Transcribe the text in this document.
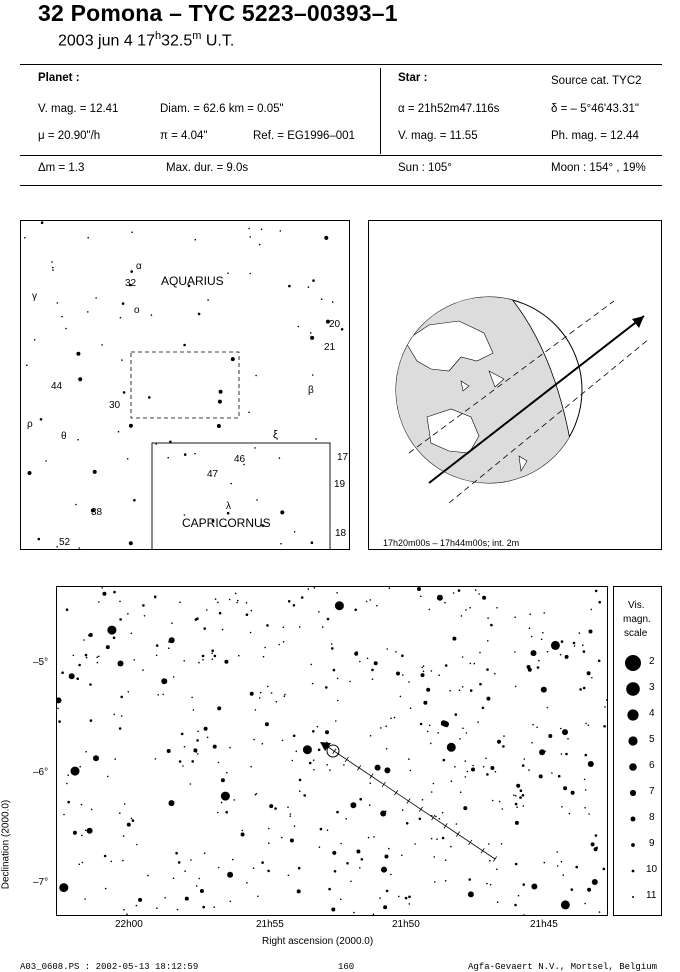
32 Pomona – TYC 5223–00393–1
2003 jun 4 17$^h$32.5$^m$ U.T.
Planet :
V. mag. = 12.41	Diam. = 62.6 km = 0.05"
μ = 20.90"/h	π = 4.04"	Ref. = EG1996–001
Star :	Source cat. TYC2
α = 21h52m47.116s	δ = – 5°46'43.31"
V. mag. = 11.55	Ph. mag. = 12.44
Δm = 1.3	Max. dur. = 9.0s	Sun : 105°	Moon : 154° , 19%
α
32 AQUARIUS
γ
o
20
21
44	β
30
ρ
θ	ξ
46
47
17
19
λ
38
CAPRICORNUS
18
52	17h20m00s – 17h44m00s; int. 2m
Declination (2000.0)
–5°
–6°
–7°
22h00	21h55	21h50	21h45
Right ascension (2000.0)
Vis.
magn.
scale
2
3
4
5
6
7
8
9
10
11
A03_0608.PS : 2002-05-13 18:12:59	160	Agfa-Gevaert N.V., Mortsel, Belgium
